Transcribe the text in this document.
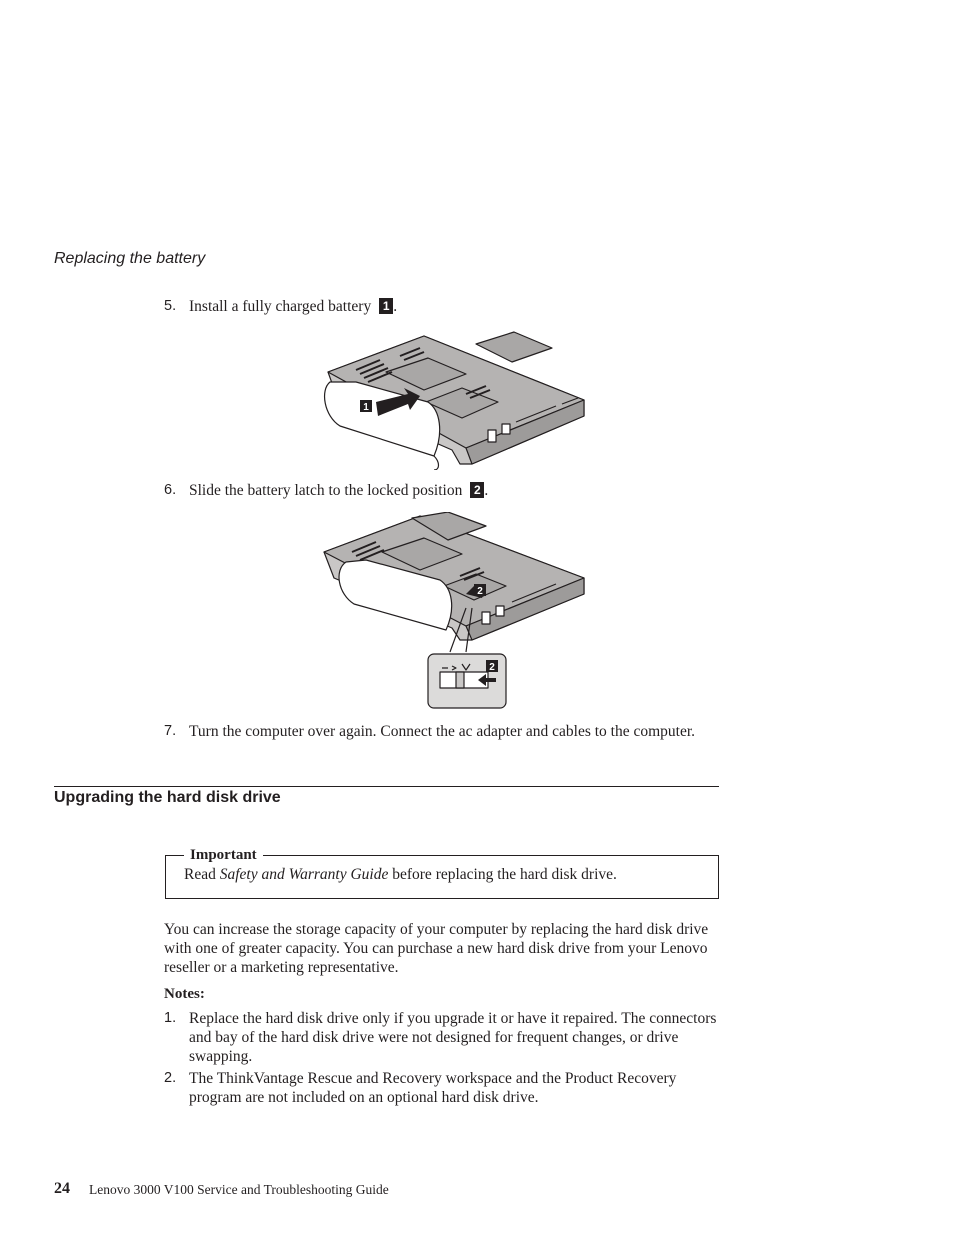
Replacing the battery
5. Install a fully charged battery 1 .
1
6. Slide the battery latch to the locked position 2 .
2
2
7. Turn the computer over again. Connect the ac adapter and cables to the computer.
Upgrading the hard disk drive
Important
Read Safety and Warranty Guide before replacing the hard disk drive.
You can increase the storage capacity of your computer by replacing the hard disk drive with one of greater capacity. You can purchase a new hard disk drive from your Lenovo reseller or a marketing representative.
Notes:
1. Replace the hard disk drive only if you upgrade it or have it repaired. The connectors and bay of the hard disk drive were not designed for frequent changes, or drive swapping.
2. The ThinkVantage Rescue and Recovery workspace and the Product Recovery program are not included on an optional hard disk drive.
24 Lenovo 3000 V100 Service and Troubleshooting Guide
